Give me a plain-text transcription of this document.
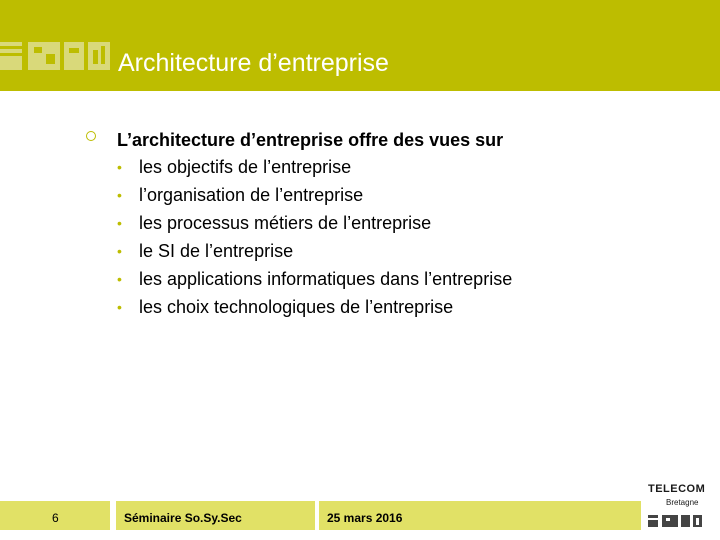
Architecture d’entreprise
L’architecture d’entreprise offre des vues sur
• les objectifs de l’entreprise
• l’organisation de l’entreprise
• les processus métiers de l’entreprise
• le SI de l’entreprise
• les applications informatiques dans l’entreprise
• les choix technologiques de l’entreprise
6	Séminaire So.Sy.Sec	25 mars 2016
TELECOM
Bretagne
